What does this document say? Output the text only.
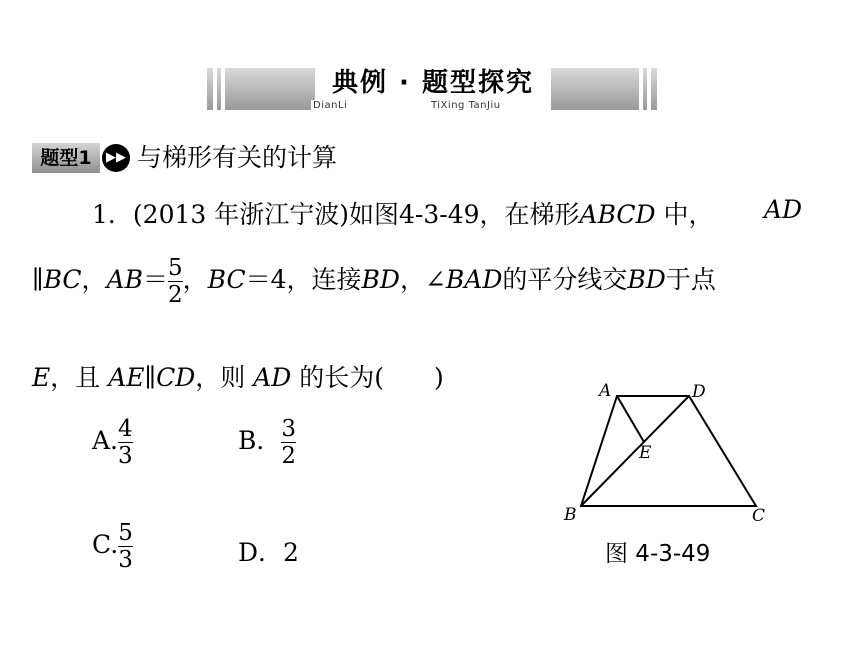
典例 · 题型探究
DianLi	TiXing TanJiu
题型1	▶▶ 与梯形有关的计算
1．(2013 年浙江宁波)如图4-3-49，在梯形ABCD 中， AD
∥BC，$AB= \frac{5}{2}$ ，BC＝4，连接BD，∠BAD的平分线交BD于点
E，且 AE∥CD，则 AD 的长为(　　)
A. $\frac{4}{3}$	B． $\frac{3}{2}$
C. $\frac{5}{3}$	D．2
A	D
E
B	C
图 4-3-49
